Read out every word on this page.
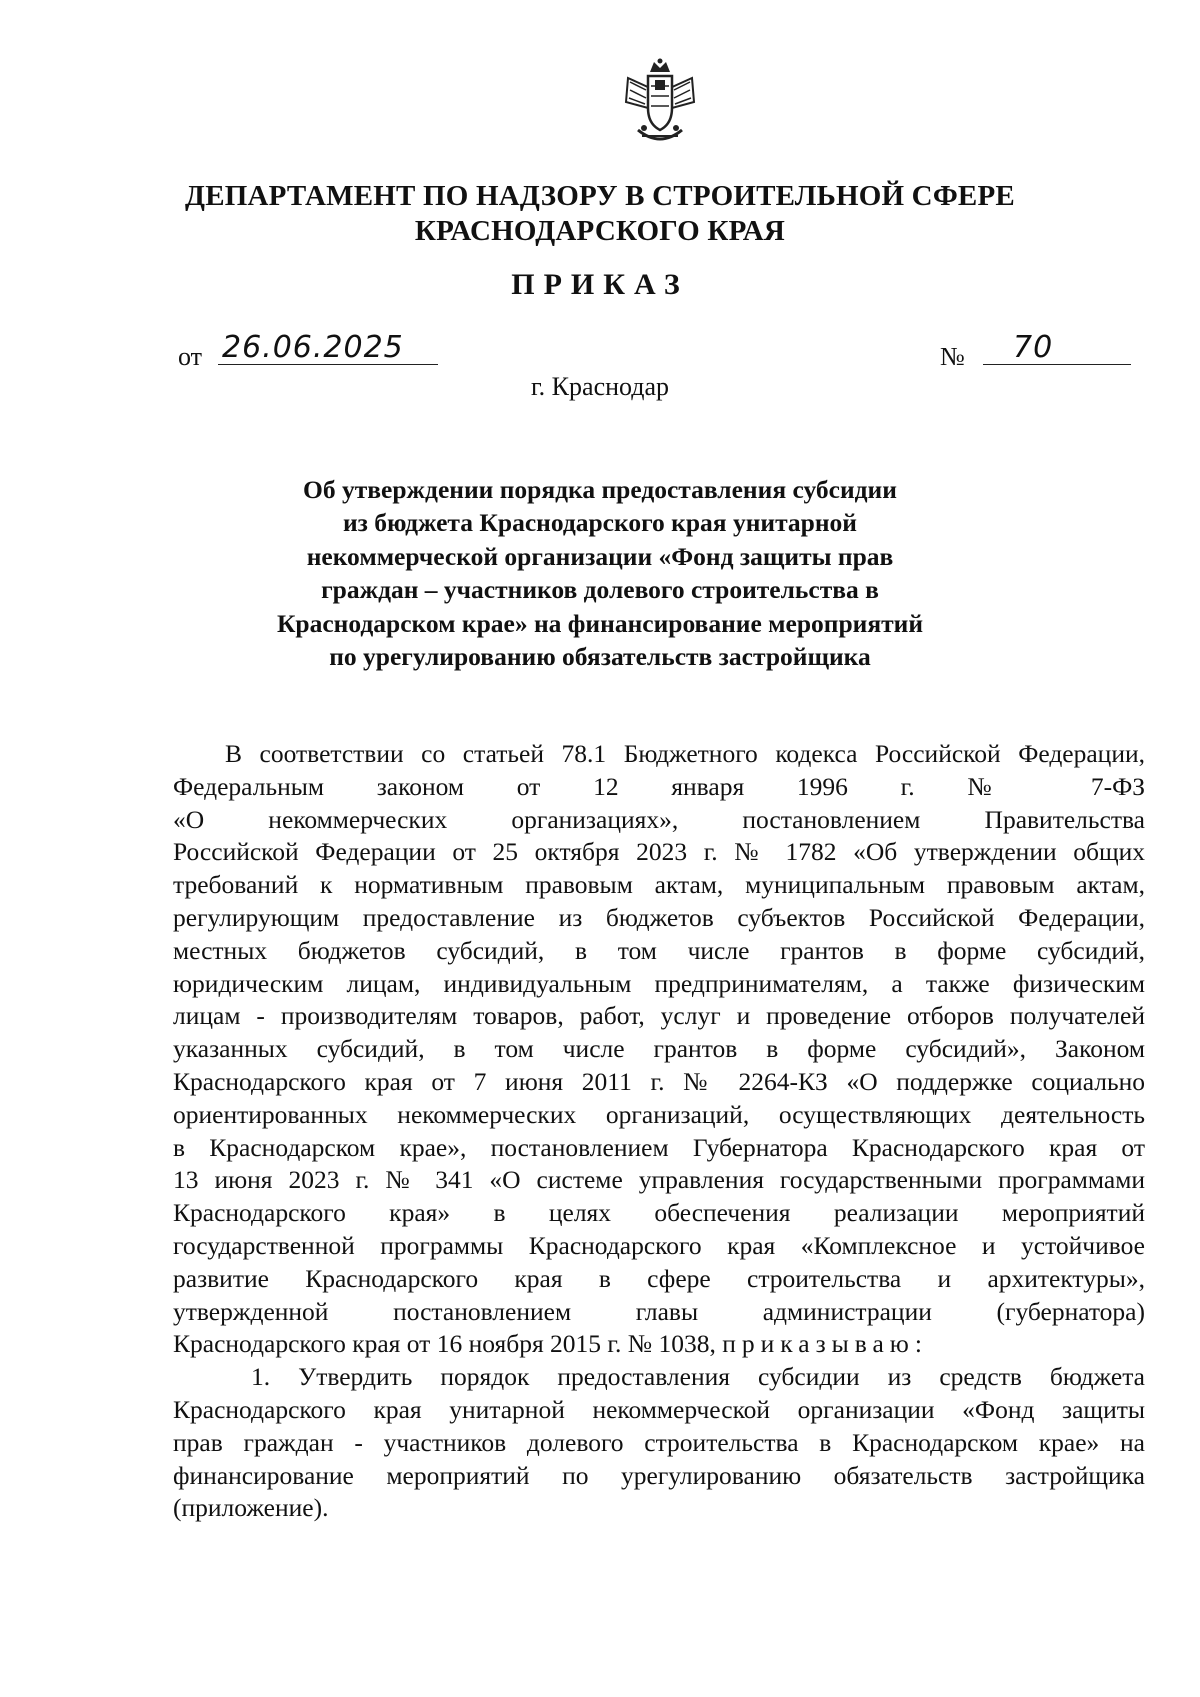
ДЕПАРТАМЕНТ ПО НАДЗОРУ В СТРОИТЕЛЬНОЙ СФЕРЕ
КРАСНОДАРСКОГО КРАЯ
ПРИКАЗ
от 26.06.2025	№ 70
г. Краснодар
Об утверждении порядка предоставления субсидии
из бюджета Краснодарского края унитарной
некоммерческой организации «Фонд защиты прав
граждан – участников долевого строительства в
Краснодарском крае» на финансирование мероприятий
по урегулированию обязательств застройщика
В соответствии со статьей 78.1 Бюджетного кодекса Российской Федерации,
Федеральным законом от 12 января 1996 г. № 7-ФЗ
«О некоммерческих организациях», постановлением Правительства
Российской Федерации от 25 октября 2023 г. № 1782 «Об утверждении общих
требований к нормативным правовым актам, муниципальным правовым актам,
регулирующим предоставление из бюджетов субъектов Российской Федерации,
местных бюджетов субсидий, в том числе грантов в форме субсидий,
юридическим лицам, индивидуальным предпринимателям, а также физическим
лицам - производителям товаров, работ, услуг и проведение отборов получателей
указанных субсидий, в том числе грантов в форме субсидий», Законом
Краснодарского края от 7 июня 2011 г. № 2264-КЗ «О поддержке социально
ориентированных некоммерческих организаций, осуществляющих деятельность
в Краснодарском крае», постановлением Губернатора Краснодарского края от
13 июня 2023 г. № 341 «О системе управления государственными программами
Краснодарского края» в целях обеспечения реализации мероприятий
государственной программы Краснодарского края «Комплексное и устойчивое
развитие Краснодарского края в сфере строительства и архитектуры»,
утвержденной постановлением главы администрации (губернатора)
Краснодарского края от 16 ноября 2015 г. № 1038, приказываю:
1. Утвердить порядок предоставления субсидии из средств бюджета
Краснодарского края унитарной некоммерческой организации «Фонд защиты
прав граждан - участников долевого строительства в Краснодарском крае» на
финансирование мероприятий по урегулированию обязательств застройщика
(приложение).
